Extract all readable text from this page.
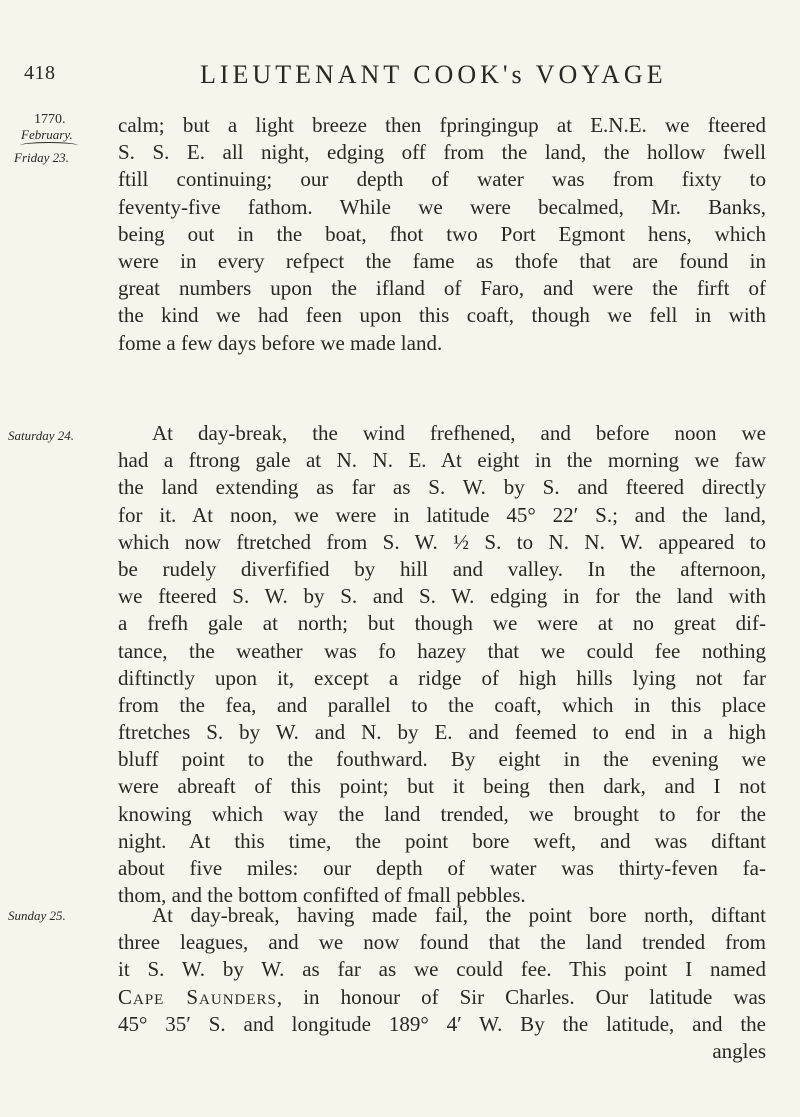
418	LIEUTENANT COOK's VOYAGE
1770.
February.
Friday 23.
Saturday 24.
Sunday 25.
calm; but a light breeze then fpringingup at E.N.E. we fteered
S. S. E. all night, edging off from the land, the hollow fwell
ftill continuing; our depth of water was from fixty to
feventy-five fathom. While we were becalmed, Mr. Banks,
being out in the boat, fhot two Port Egmont hens, which
were in every refpect the fame as thofe that are found in
great numbers upon the ifland of Faro, and were the firft of
the kind we had feen upon this coaft, though we fell in with
fome a few days before we made land.
At day-break, the wind frefhened, and before noon we
had a ftrong gale at N. N. E. At eight in the morning we faw
the land extending as far as S. W. by S. and fteered directly
for it. At noon, we were in latitude 45° 22′ S.; and the land,
which now ftretched from S. W. ½ S. to N. N. W. appeared to
be rudely diverfified by hill and valley. In the afternoon,
we fteered S. W. by S. and S. W. edging in for the land with
a frefh gale at north; but though we were at no great dif-
tance, the weather was fo hazey that we could fee nothing
diftinctly upon it, except a ridge of high hills lying not far
from the fea, and parallel to the coaft, which in this place
ftretches S. by W. and N. by E. and feemed to end in a high
bluff point to the fouthward. By eight in the evening we
were abreaft of this point; but it being then dark, and I not
knowing which way the land trended, we brought to for the
night. At this time, the point bore weft, and was diftant
about five miles: our depth of water was thirty-feven fa-
thom, and the bottom confifted of fmall pebbles.
At day-break, having made fail, the point bore north, diftant
three leagues, and we now found that the land trended from
it S. W. by W. as far as we could fee. This point I named
Cape Saunders, in honour of Sir Charles. Our latitude was
45° 35′ S. and longitude 189° 4′ W. By the latitude, and the
angles
